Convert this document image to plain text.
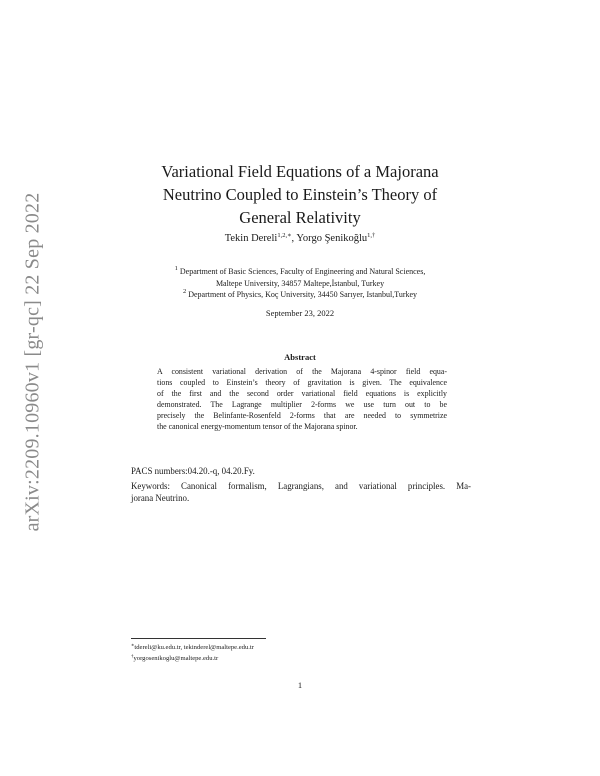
arXiv:2209.10960v1 [gr-qc] 22 Sep 2022
Variational Field Equations of a Majorana
Neutrino Coupled to Einstein’s Theory of
General Relativity
Tekin Dereli$^{1,2,∗}$, Yorgo Şenikoğlu$^{1,\dagger}$
$^1$ Department of Basic Sciences, Faculty of Engineering and Natural Sciences,
Maltepe University, 34857 Maltepe,İstanbul, Turkey
$^2$ Department of Physics, Koç University, 34450 Sarıyer, Istanbul,Turkey
September 23, 2022
Abstract
A consistent variational derivation of the Majorana 4-spinor field equa-
tions coupled to Einstein’s theory of gravitation is given. The equivalence
of the first and the second order variational field equations is explicitly
demonstrated. The Lagrange multiplier 2-forms we use turn out to be
precisely the Belinfante-Rosenfeld 2-forms that are needed to symmetrize
the canonical energy-momentum tensor of the Majorana spinor.
PACS numbers:04.20.-q, 04.20.Fy.
Keywords: Canonical formalism, Lagrangians, and variational principles. Ma-
jorana Neutrino.
∗tdereli@ku.edu.tr, tekinderel@maltepe.edu.tr
†yorgosenikoglu@maltepe.edu.tr
1
